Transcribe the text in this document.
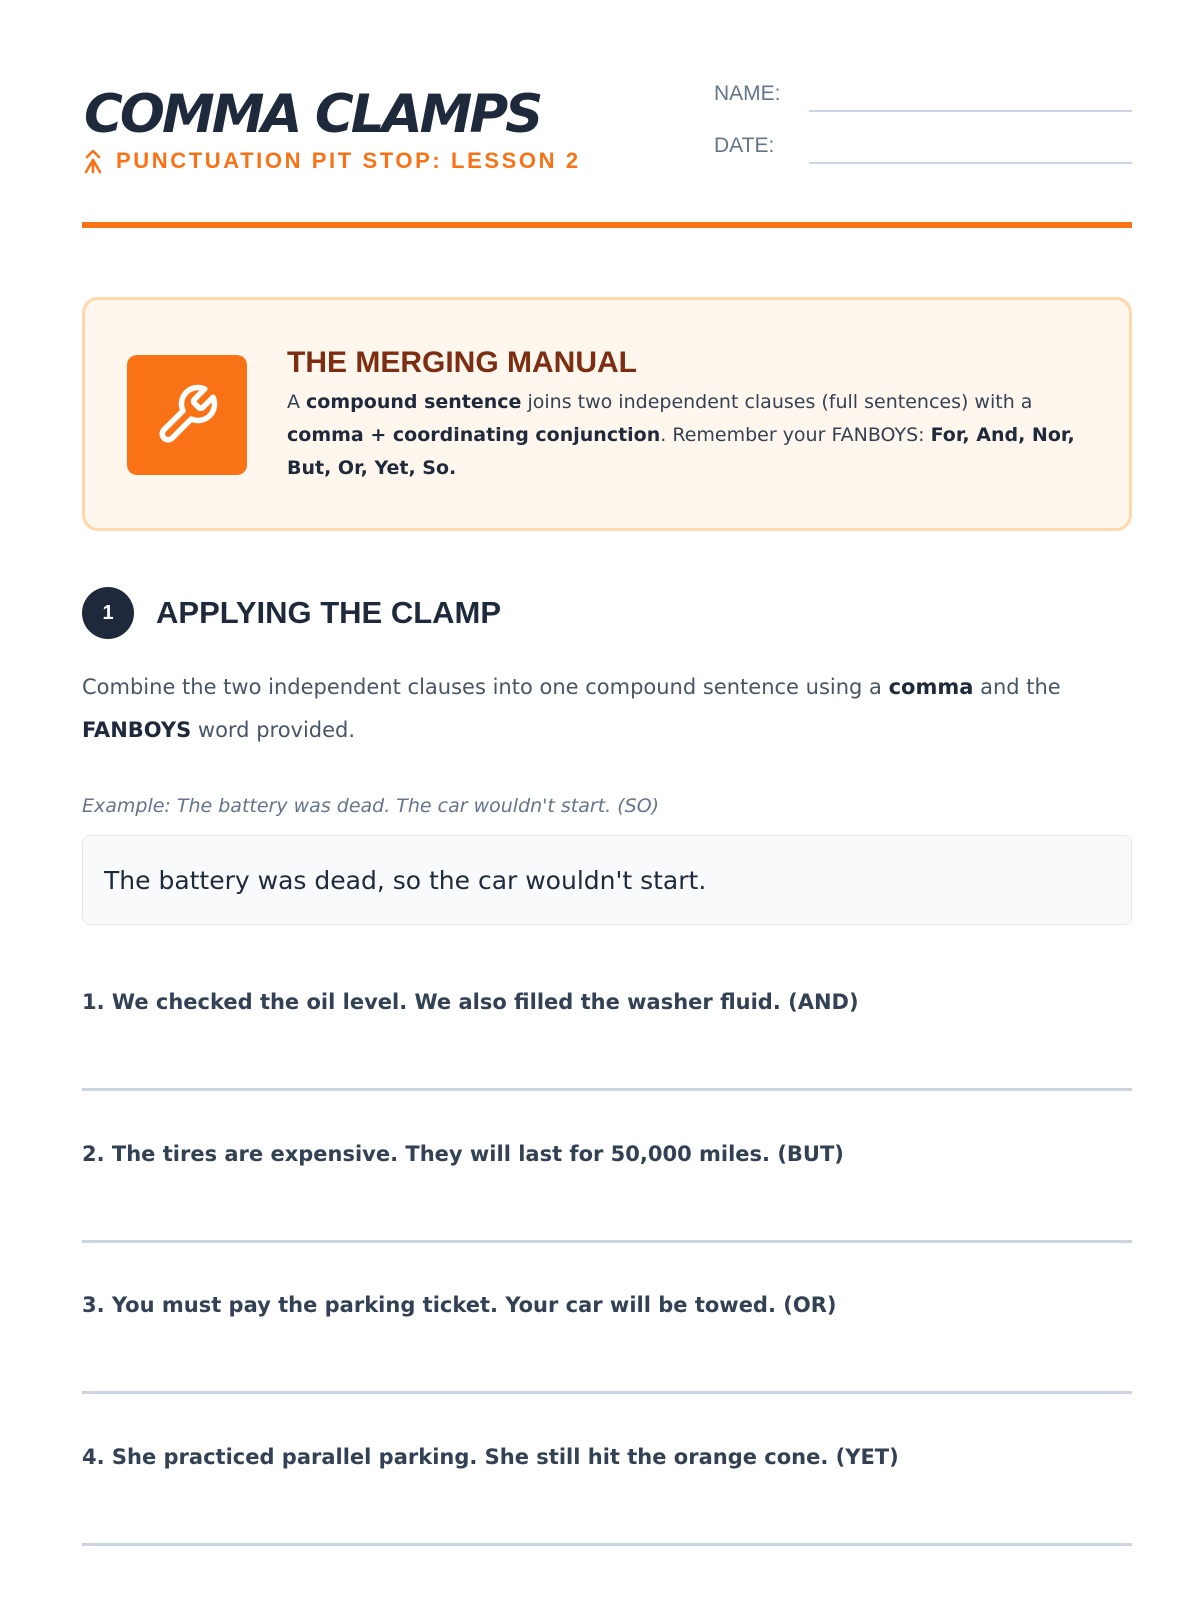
COMMA CLAMPS
PUNCTUATION PIT STOP: LESSON 2
NAME:
DATE:
THE MERGING MANUAL

A compound sentence joins two independent clauses (full sentences) with a comma + coordinating conjunction. Remember your FANBOYS: For, And, Nor, But, Or, Yet, So.

1	APPLYING THE CLAMP

Combine the two independent clauses into one compound sentence using a comma and the FANBOYS word provided.

Example: The battery was dead. The car wouldn't start. (SO)

The battery was dead, so the car wouldn't start.

1. We checked the oil level. We also filled the washer fluid. (AND)

2. The tires are expensive. They will last for 50,000 miles. (BUT)

3. You must pay the parking ticket. Your car will be towed. (OR)

4. She practiced parallel parking. She still hit the orange cone. (YET)
